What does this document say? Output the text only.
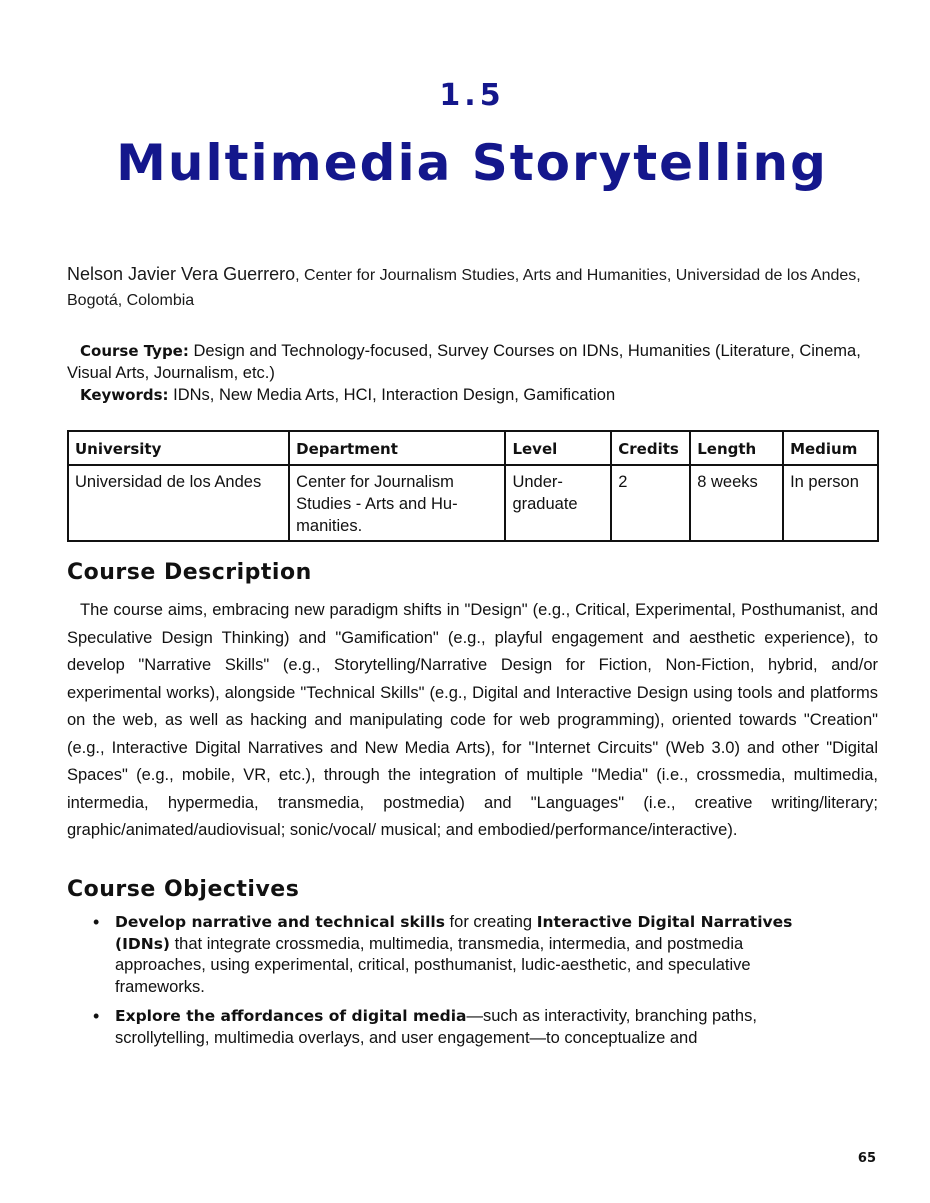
1.5
Multimedia Storytelling
Nelson Javier Vera Guerrero, Center for Journalism Studies, Arts and Humanities, Universidad de los Andes, Bogotá, Colombia

Course Type: Design and Technology-focused, Survey Courses on IDNs, Humanities (Literature, Cinema, Visual Arts, Journalism, etc.)

Keywords: IDNs, New Media Arts, HCI, Interaction Design, Gamification

University	Department	Level	Credits	Length	Medium
Universidad de los Andes	Center for Journalism Studies - Arts and Hu-manities.	Under-graduate	2	8 weeks	In person
Course Description

The course aims, embracing new paradigm shifts in "Design" (e.g., Critical, Experimental, Posthumanist, and Speculative Design Thinking) and "Gamification" (e.g., playful engagement and aesthetic experience), to develop "Narrative Skills" (e.g., Storytelling/Narrative Design for Fiction, Non-Fiction, hybrid, and/or experimental works), alongside "Technical Skills" (e.g., Digital and Interactive Design using tools and platforms on the web, as well as hacking and manipulating code for web programming), oriented towards "Creation" (e.g., Interactive Digital Narratives and New Media Arts), for "Internet Circuits" (Web 3.0) and other "Digital Spaces" (e.g., mobile, VR, etc.), through the integration of multiple "Media" (i.e., crossmedia, multimedia, intermedia, hypermedia, transmedia, postmedia) and "Languages" (i.e., creative writing/literary; graphic/animated/audiovisual; sonic/vocal/ musical; and embodied/performance/interactive).

Course Objectives
• Develop narrative and technical skills for creating Interactive Digital Narratives (IDNs) that integrate crossmedia, multimedia, transmedia, intermedia, and postmedia approaches, using experimental, critical, posthumanist, ludic-aesthetic, and speculative frameworks.
• Explore the affordances of digital media—such as interactivity, branching paths, scrollytelling, multimedia overlays, and user engagement—to conceptualize and
65
